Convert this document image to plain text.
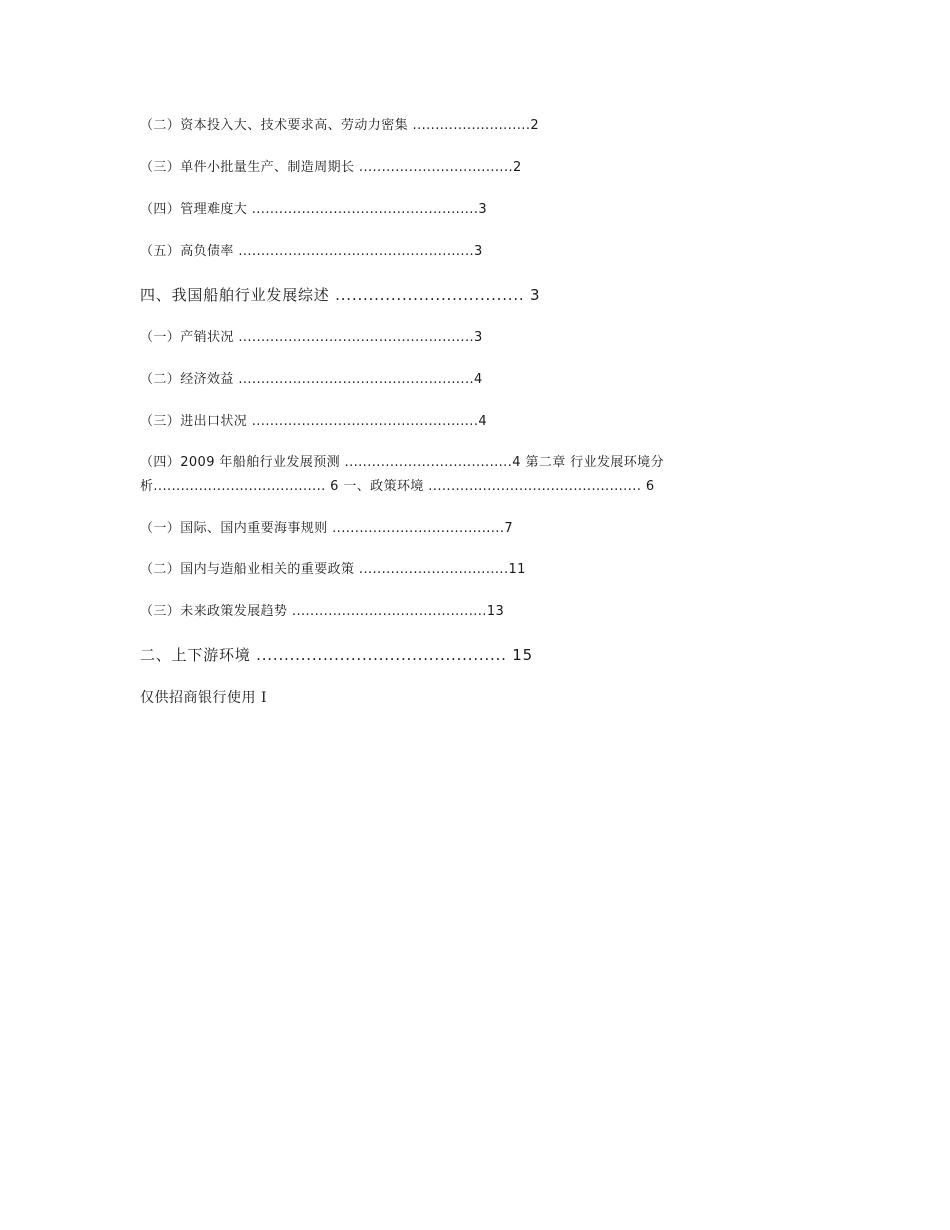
（二）资本投入大、技术要求高、劳动力密集 ..........................2
（三）单件小批量生产、制造周期长 ..................................2
（四）管理难度大 ..................................................3
（五）高负债率 ....................................................3
四、我国船舶行业发展综述 .................................. 3
（一）产销状况 ....................................................3
（二）经济效益 ....................................................4
（三）进出口状况 ..................................................4
（四）2009 年船舶行业发展预测 .....................................4 第二章 行业发展环境分析...................................... 6 一、政策环境 ............................................... 6
（一）国际、国内重要海事规则 ......................................7
（二）国内与造船业相关的重要政策 .................................11
（三）未来政策发展趋势 ...........................................13
二、上下游环境 ............................................. 15
仅供招商银行使用 I
